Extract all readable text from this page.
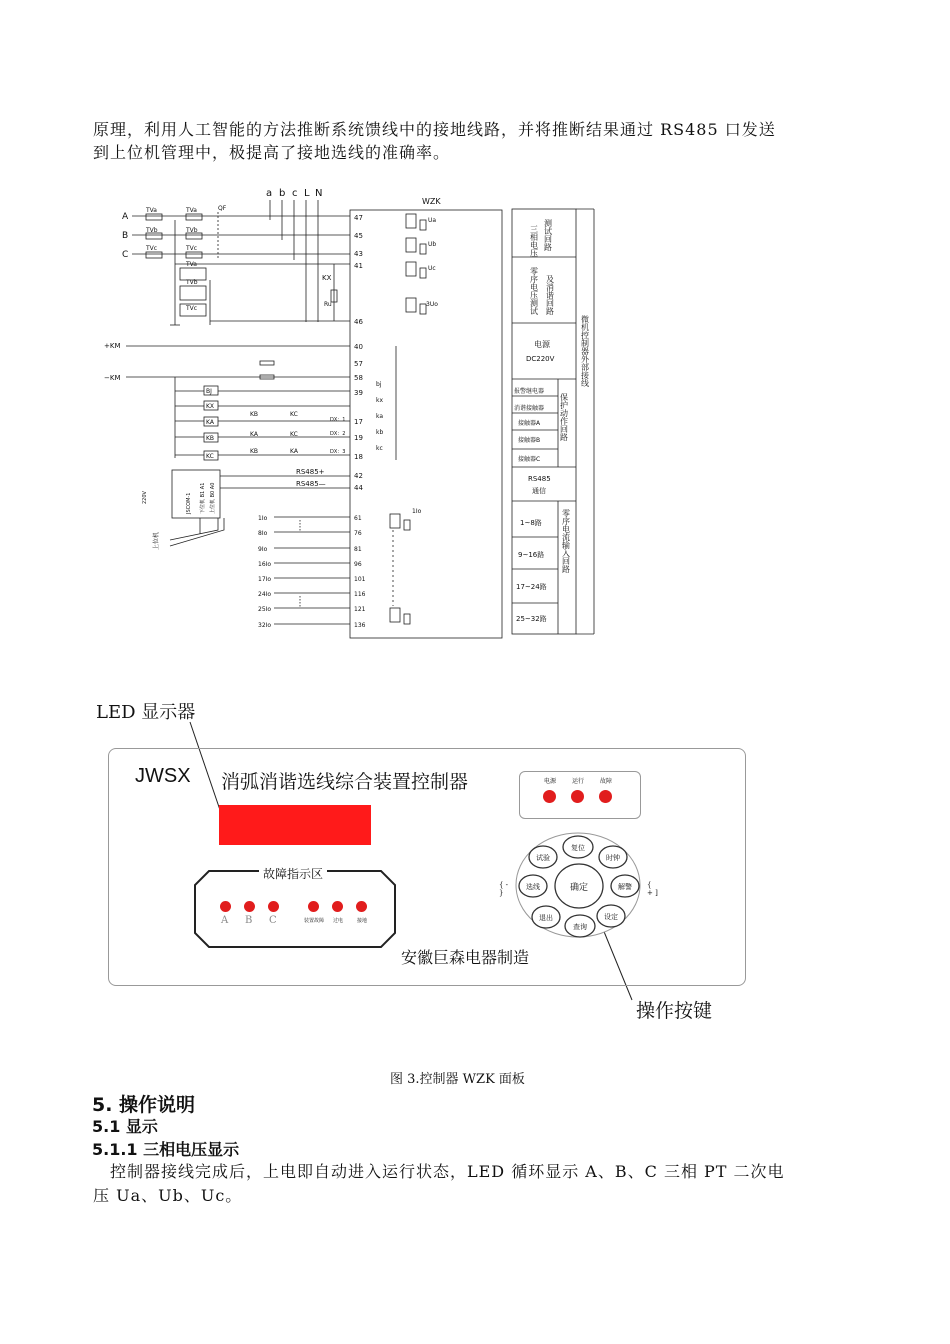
原理，利用人工智能的方法推断系统馈线中的接地线路，并将推断结果通过 RS485 口发送
到上位机管理中，极提高了接地选线的准确率。
a b c L N
WZK
A
B
C
TVa	TVa
TVb	TVb
TVc	TVc
TVa
TVb
TVc
QF
KX
Ru
47
45
43
41
46
Ua
Ub
Uc
3Uo
+KM
−KM
40
57
58
39
17
19
18
42
44
BJ
KX
KA
KB
KC
KB	KC
KA	KC
KB	KA
DX：1
DX：2
DX：3
bj
kx
ka
kb
kc
RS485+
RS485—
JSCOM-1 下位机 B1 A1 上位机 B0 A0
220V
上位机
1Io
8Io
9Io
16Io
17Io
24Io
25Io
32Io
61
76
81
96
101
116
121
136
1Io
三相电压 测试回路
零序电压测试 及消谐回路
电源
DC220V
报警继电器
消谐接触器
接触器A
接触器B
接触器C
保护动作回路
RS485
通信
1~8路
9~16路
17~24路
25~32路
零序电流输入回路
微机控制器外部接线
LED 显示器
JWSX 消弧消谐选线综合装置控制器	电源	运行	故障
故障指示区
A B C	装置故障 过电	接地
安徽巨森电器制造
复位
时钟
解警
设定
查询
退出
选线
试验
确定
{ - }
{ + ]
操作按键
图 3.控制器 WZK 面板
5. 操作说明
5.1 显示
5.1.1 三相电压显示
控制器接线完成后，上电即自动进入运行状态，LED 循环显示 A、B、C 三相 PT 二次电
压 Ua、Ub、Uc。
